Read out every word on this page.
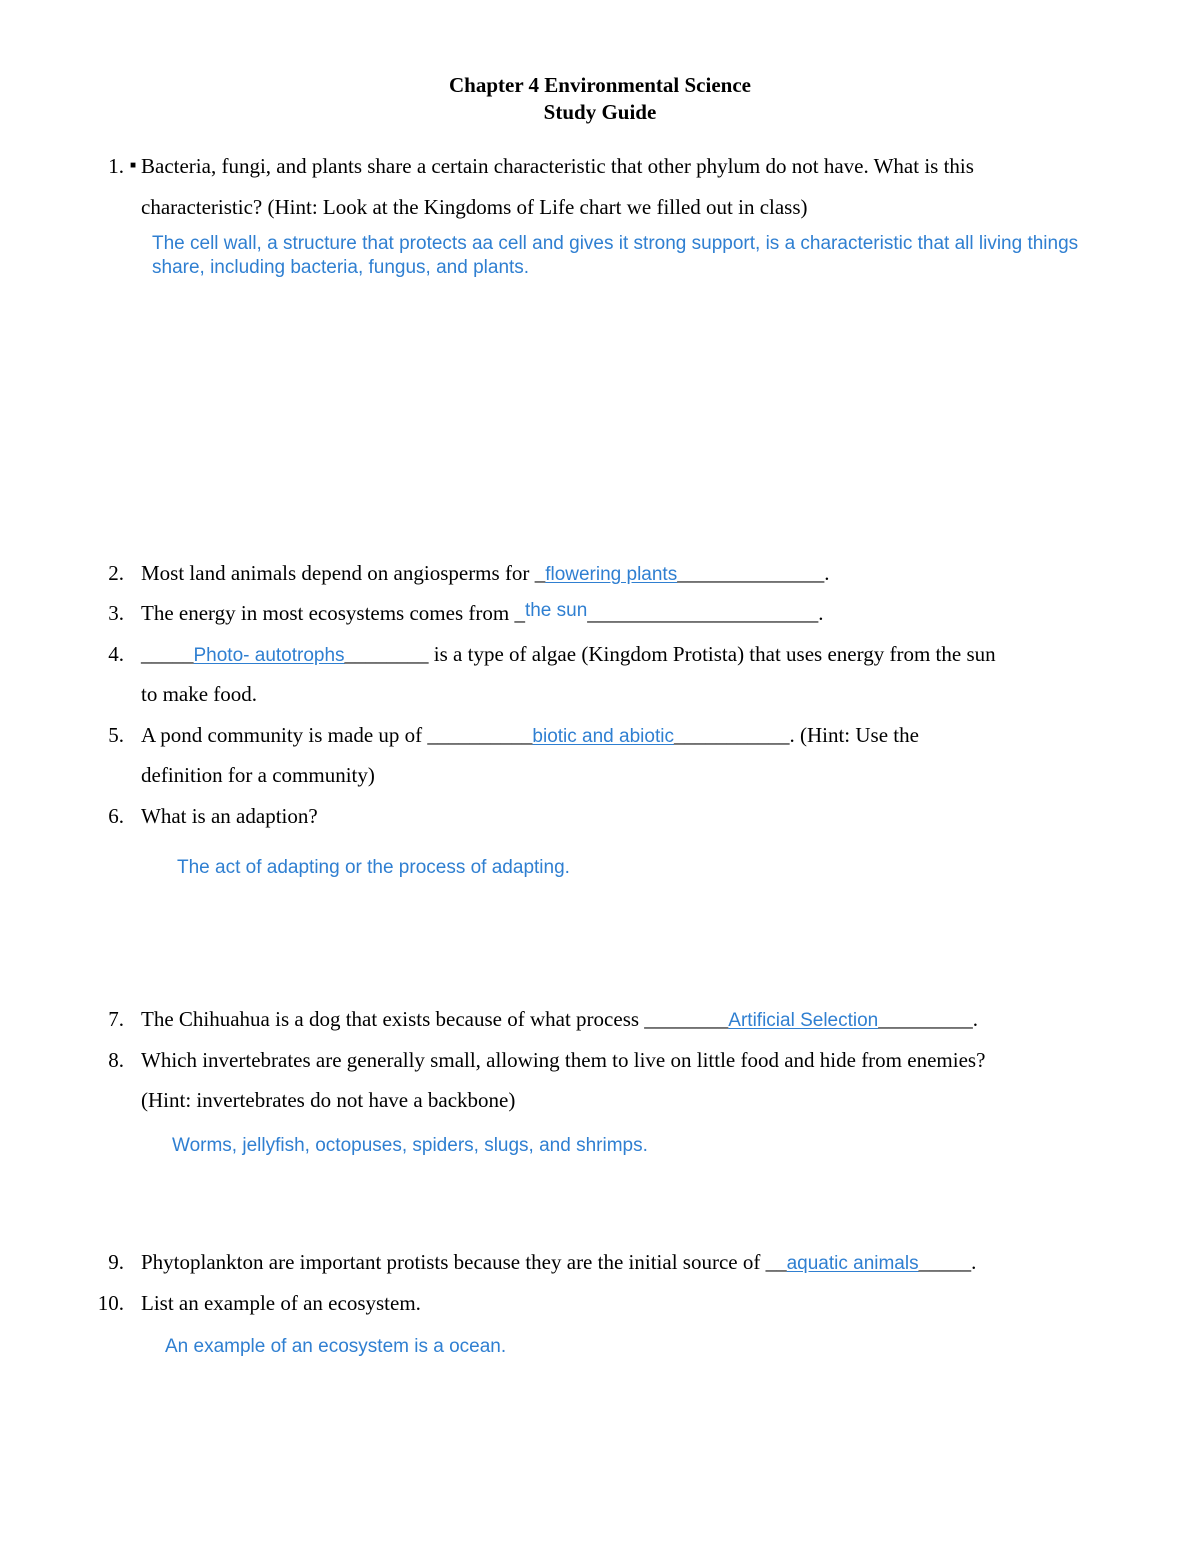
Chapter 4 Environmental Science
Study Guide
1. ■ Bacteria, fungi, and plants share a certain characteristic that other phylum do not have. What is this
characteristic? (Hint: Look at the Kingdoms of Life chart we filled out in class)
The cell wall, a structure that protects aa cell and gives it strong support, is a characteristic that all living things
share, including bacteria, fungus, and plants.
2. Most land animals depend on angiosperms for _flowering plants______________.
3. The energy in most ecosystems comes from _the sun______________________.
4. _____Photo- autotrophs________ is a type of algae (Kingdom Protista) that uses energy from the sun
to make food.
5. A pond community is made up of __________biotic and abiotic___________. (Hint: Use the
definition for a community)
6. What is an adaption?
The act of adapting or the process of adapting.
7. The Chihuahua is a dog that exists because of what process ________Artificial Selection_________.
8. Which invertebrates are generally small, allowing them to live on little food and hide from enemies?
(Hint: invertebrates do not have a backbone)
Worms, jellyfish, octopuses, spiders, slugs, and shrimps.
9. Phytoplankton are important protists because they are the initial source of __aquatic animals_____.
10. List an example of an ecosystem.
An example of an ecosystem is a ocean.
